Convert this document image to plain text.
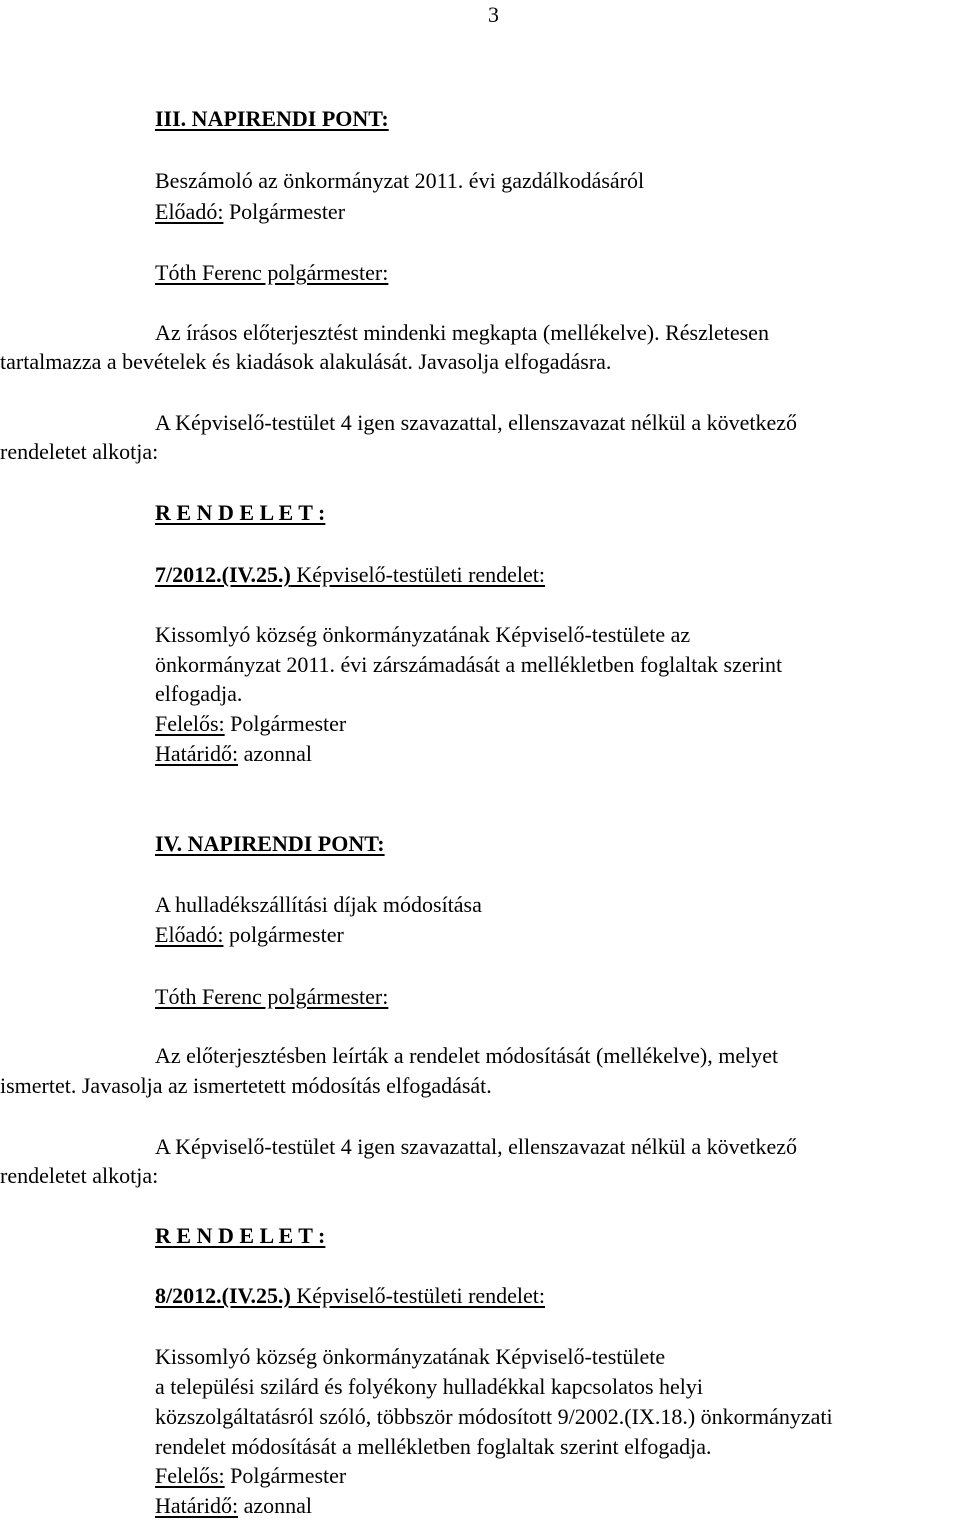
3
III. NAPIRENDI PONT:
Beszámoló az önkormányzat 2011. évi gazdálkodásáról
Előadó: Polgármester
Tóth Ferenc polgármester:
Az írásos előterjesztést mindenki megkapta (mellékelve). Részletesen
tartalmazza a bevételek és kiadások alakulását. Javasolja elfogadásra.
A Képviselő-testület 4 igen szavazattal, ellenszavazat nélkül a következő
rendeletet alkotja:
R E N D E L E T :
7/2012.(IV.25.) Képviselő-testületi rendelet:
Kissomlyó község önkormányzatának Képviselő-testülete az
önkormányzat 2011. évi zárszámadását a mellékletben foglaltak szerint
elfogadja.
Felelős: Polgármester
Határidő: azonnal
IV. NAPIRENDI PONT:
A hulladékszállítási díjak módosítása
Előadó: polgármester
Tóth Ferenc polgármester:
Az előterjesztésben leírták a rendelet módosítását (mellékelve), melyet
ismertet. Javasolja az ismertetett módosítás elfogadását.
A Képviselő-testület 4 igen szavazattal, ellenszavazat nélkül a következő
rendeletet alkotja:
R E N D E L E T :
8/2012.(IV.25.) Képviselő-testületi rendelet:
Kissomlyó község önkormányzatának Képviselő-testülete
a települési szilárd és folyékony hulladékkal kapcsolatos helyi
közszolgáltatásról szóló, többször módosított 9/2002.(IX.18.) önkormányzati
rendelet módosítását a mellékletben foglaltak szerint elfogadja.
Felelős: Polgármester
Határidő: azonnal
